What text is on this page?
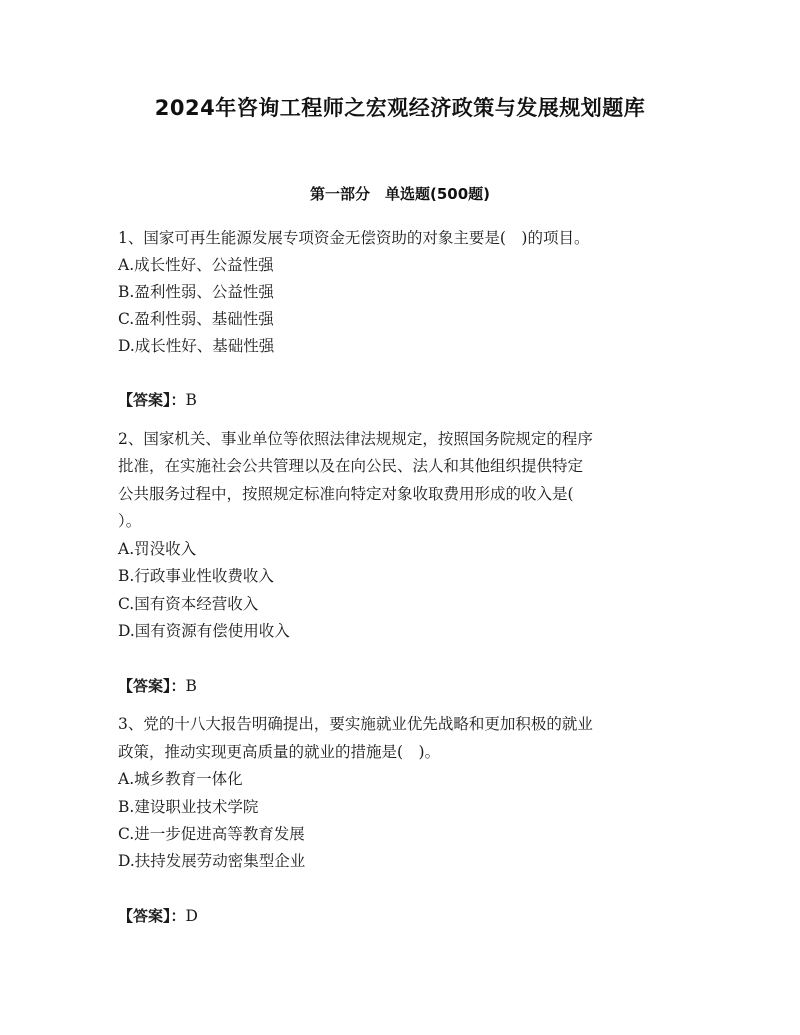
2024年咨询工程师之宏观经济政策与发展规划题库
第一部分　单选题(500题)
1、国家可再生能源发展专项资金无偿资助的对象主要是(　)的项目。
A.成长性好、公益性强
B.盈利性弱、公益性强
C.盈利性弱、基础性强
D.成长性好、基础性强
【答案】：B
2、国家机关、事业单位等依照法律法规规定，按照国务院规定的程序
批准，在实施社会公共管理以及在向公民、法人和其他组织提供特定
公共服务过程中，按照规定标准向特定对象收取费用形成的收入是(
）。
A.罚没收入
B.行政事业性收费收入
C.国有资本经营收入
D.国有资源有偿使用收入
【答案】：B
3、党的十八大报告明确提出，要实施就业优先战略和更加积极的就业
政策，推动实现更高质量的就业的措施是(　)。
A.城乡教育一体化
B.建设职业技术学院
C.进一步促进高等教育发展
D.扶持发展劳动密集型企业
【答案】：D
